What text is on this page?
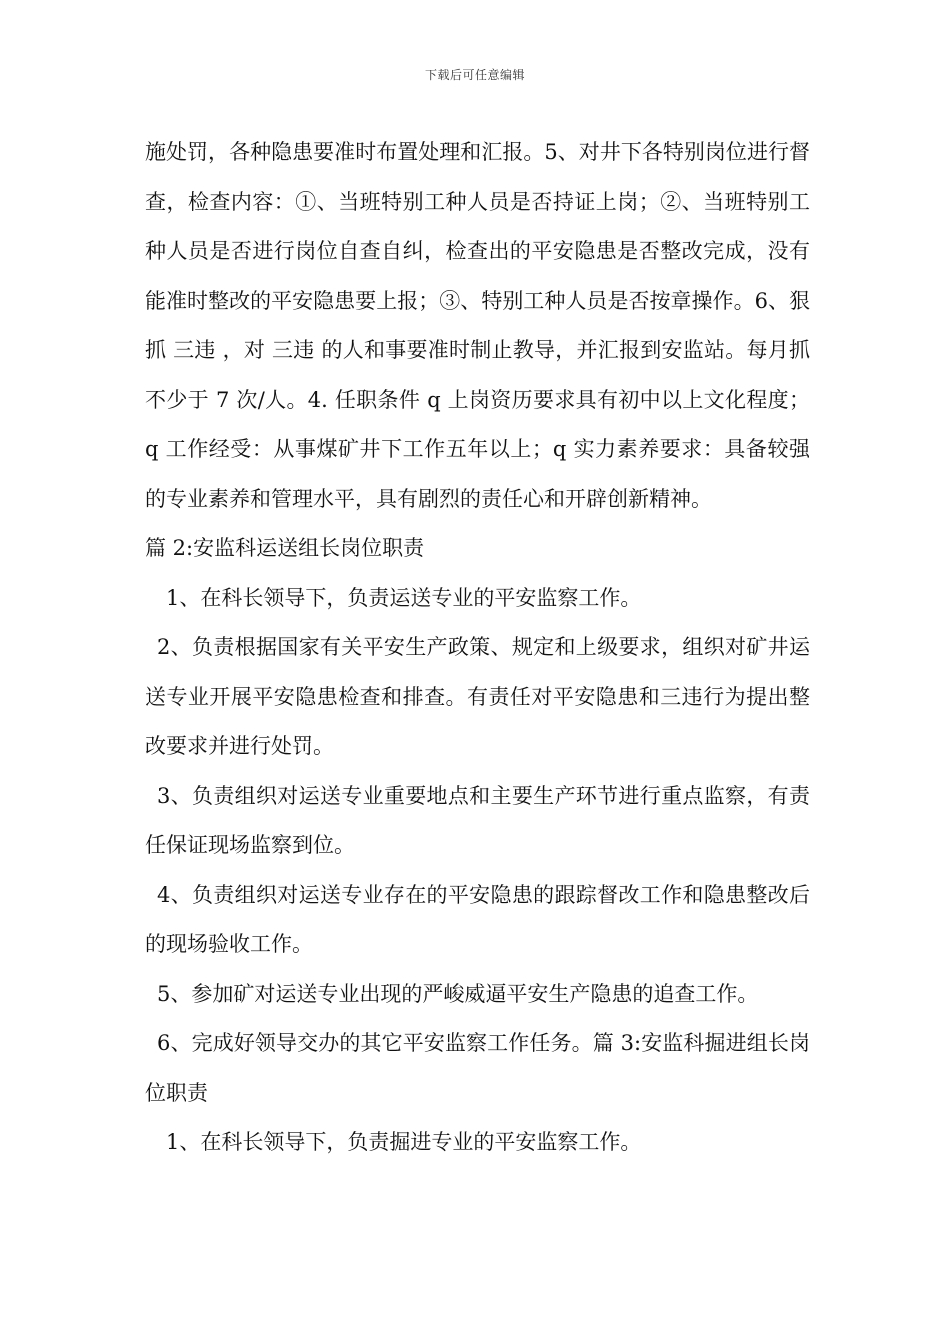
下载后可任意编辑

施处罚，各种隐患要准时布置处理和汇报。5、对井下各特别岗位进行督查，检查内容：①、当班特别工种人员是否持证上岗；②、当班特别工种人员是否进行岗位自查自纠，检查出的平安隐患是否整改完成，没有能准时整改的平安隐患要上报；③、特别工种人员是否按章操作。6、狠抓 三违 ，对 三违 的人和事要准时制止教导，并汇报到安监站。每月抓不少于 7 次/人。4. 任职条件 q 上岗资历要求具有初中以上文化程度；q 工作经受：从事煤矿井下工作五年以上；q 实力素养要求：具备较强的专业素养和管理水平，具有剧烈的责任心和开辟创新精神。

篇 2:安监科运送组长岗位职责

1、在科长领导下，负责运送专业的平安监察工作。

2、负责根据国家有关平安生产政策、规定和上级要求，组织对矿井运送专业开展平安隐患检查和排查。有责任对平安隐患和三违行为提出整改要求并进行处罚。

3、负责组织对运送专业重要地点和主要生产环节进行重点监察，有责任保证现场监察到位。

4、负责组织对运送专业存在的平安隐患的跟踪督改工作和隐患整改后的现场验收工作。

5、参加矿对运送专业出现的严峻威逼平安生产隐患的追查工作。

6、完成好领导交办的其它平安监察工作任务。篇 3:安监科掘进组长岗位职责

1、在科长领导下，负责掘进专业的平安监察工作。
